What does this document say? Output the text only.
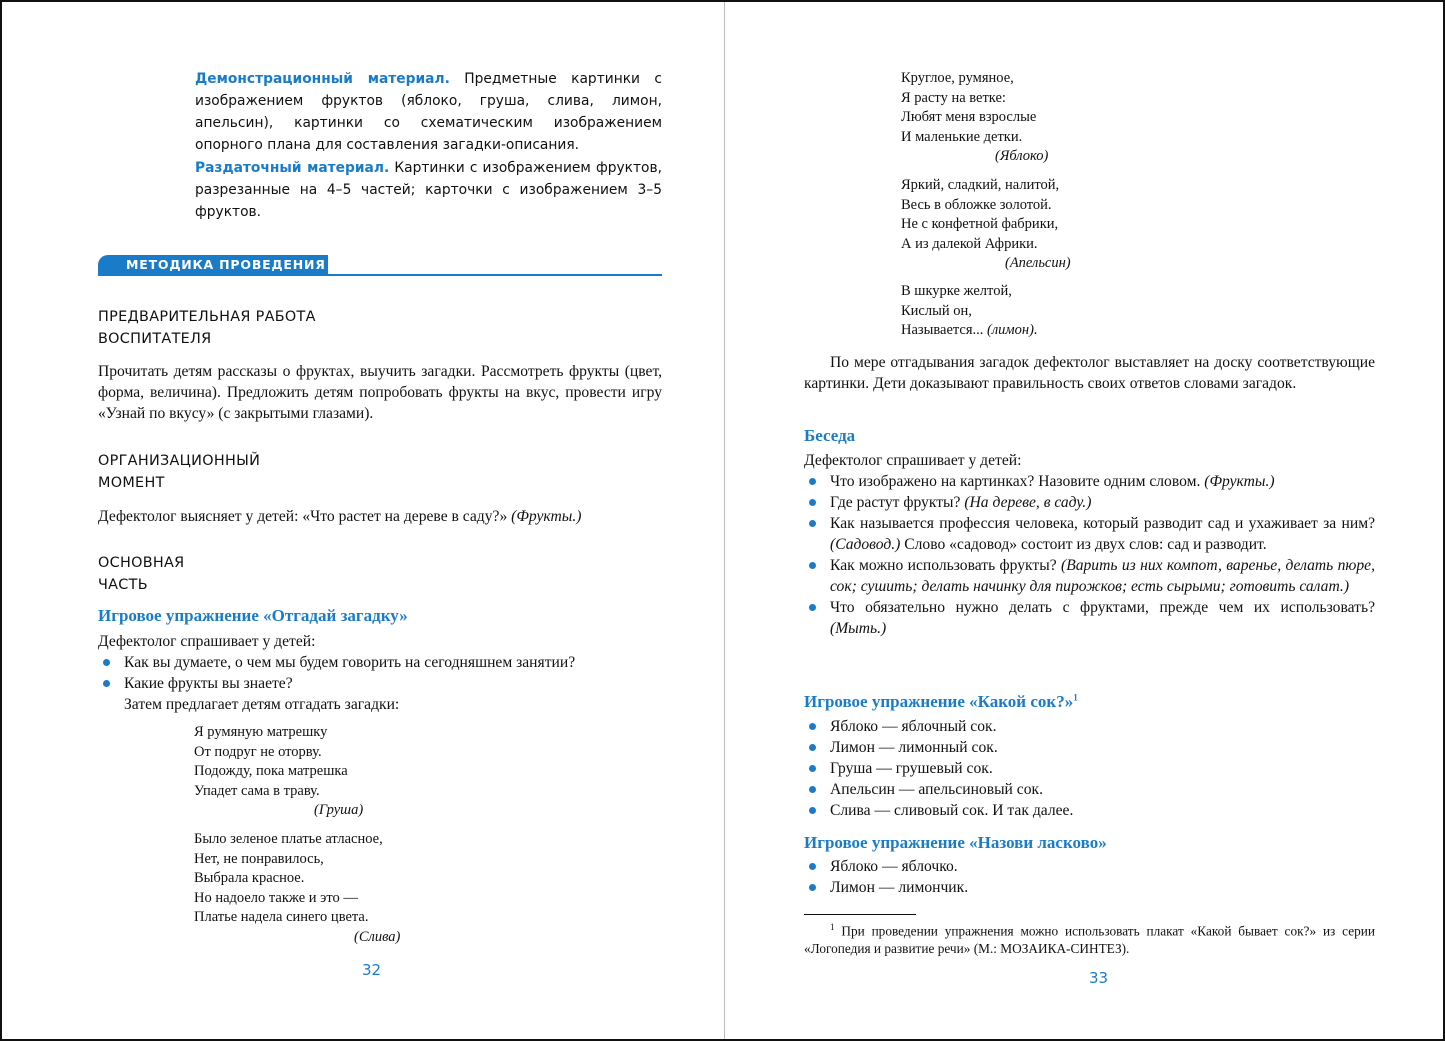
Демонстрационный материал. Предметные картинки с изображением фруктов (яблоко, груша, слива, лимон, апельсин), картинки со схематическим изображением опорного плана для составления загадки-описания.
Раздаточный материал. Картинки с изображением фруктов, разрезанные на 4–5 частей; карточки с изображением 3–5 фруктов.
МЕТОДИКА ПРОВЕДЕНИЯ
ПРЕДВАРИТЕЛЬНАЯ РАБОТА
ВОСПИТАТЕЛЯ
Прочитать детям рассказы о фруктах, выучить загадки. Рассмотреть фрукты (цвет, форма, величина). Предложить детям попробовать фрукты на вкус, провести игру «Узнай по вкусу» (с закрытыми глазами).
ОРГАНИЗАЦИОННЫЙ
МОМЕНТ
Дефектолог выясняет у детей: «Что растет на дереве в саду?» (Фрукты.)
ОСНОВНАЯ
ЧАСТЬ
Игровое упражнение «Отгадай загадку»
Дефектолог спрашивает у детей:
Как вы думаете, о чем мы будем говорить на сегодняшнем занятии?
Какие фрукты вы знаете?
Затем предлагает детям отгадать загадки:
Я румяную матрешку
От подруг не оторву.
Подожду, пока матрешка
Упадет сама в траву.
(Груша)
Было зеленое платье атласное,
Нет, не понравилось,
Выбрала красное.
Но надоело также и это —
Платье надела синего цвета.
(Слива)
32
Круглое, румяное,
Я расту на ветке:
Любят меня взрослые
И маленькие детки.
(Яблоко)
Яркий, сладкий, налитой,
Весь в обложке золотой.
Не с конфетной фабрики,
А из далекой Африки.
(Апельсин)
В шкурке желтой,
Кислый он,
Называется... (лимон).
По мере отгадывания загадок дефектолог выставляет на доску соответствующие картинки. Дети доказывают правильность своих ответов словами загадок.
Беседа
Дефектолог спрашивает у детей:
Что изображено на картинках? Назовите одним словом. (Фрукты.)
Где растут фрукты? (На дереве, в саду.)
Как называется профессия человека, который разводит сад и ухаживает за ним? (Садовод.) Слово «садовод» состоит из двух слов: сад и разводит.
Как можно использовать фрукты? (Варить из них компот, варенье, делать пюре, сок; сушить; делать начинку для пирожков; есть сырыми; готовить салат.)
Что обязательно нужно делать с фруктами, прежде чем их использовать? (Мыть.)
Игровое упражнение «Какой сок?»$^1$
Яблоко — яблочный сок.
Лимон — лимонный сок.
Груша — грушевый сок.
Апельсин — апельсиновый сок.
Слива — сливовый сок. И так далее.
Игровое упражнение «Назови ласково»
Яблоко — яблочко.
Лимон — лимончик.
$^1$ При проведении упражнения можно использовать плакат «Какой бывает сок?» из серии «Логопедия и развитие речи» (М.: МОЗАИКА-СИНТЕЗ).
33
